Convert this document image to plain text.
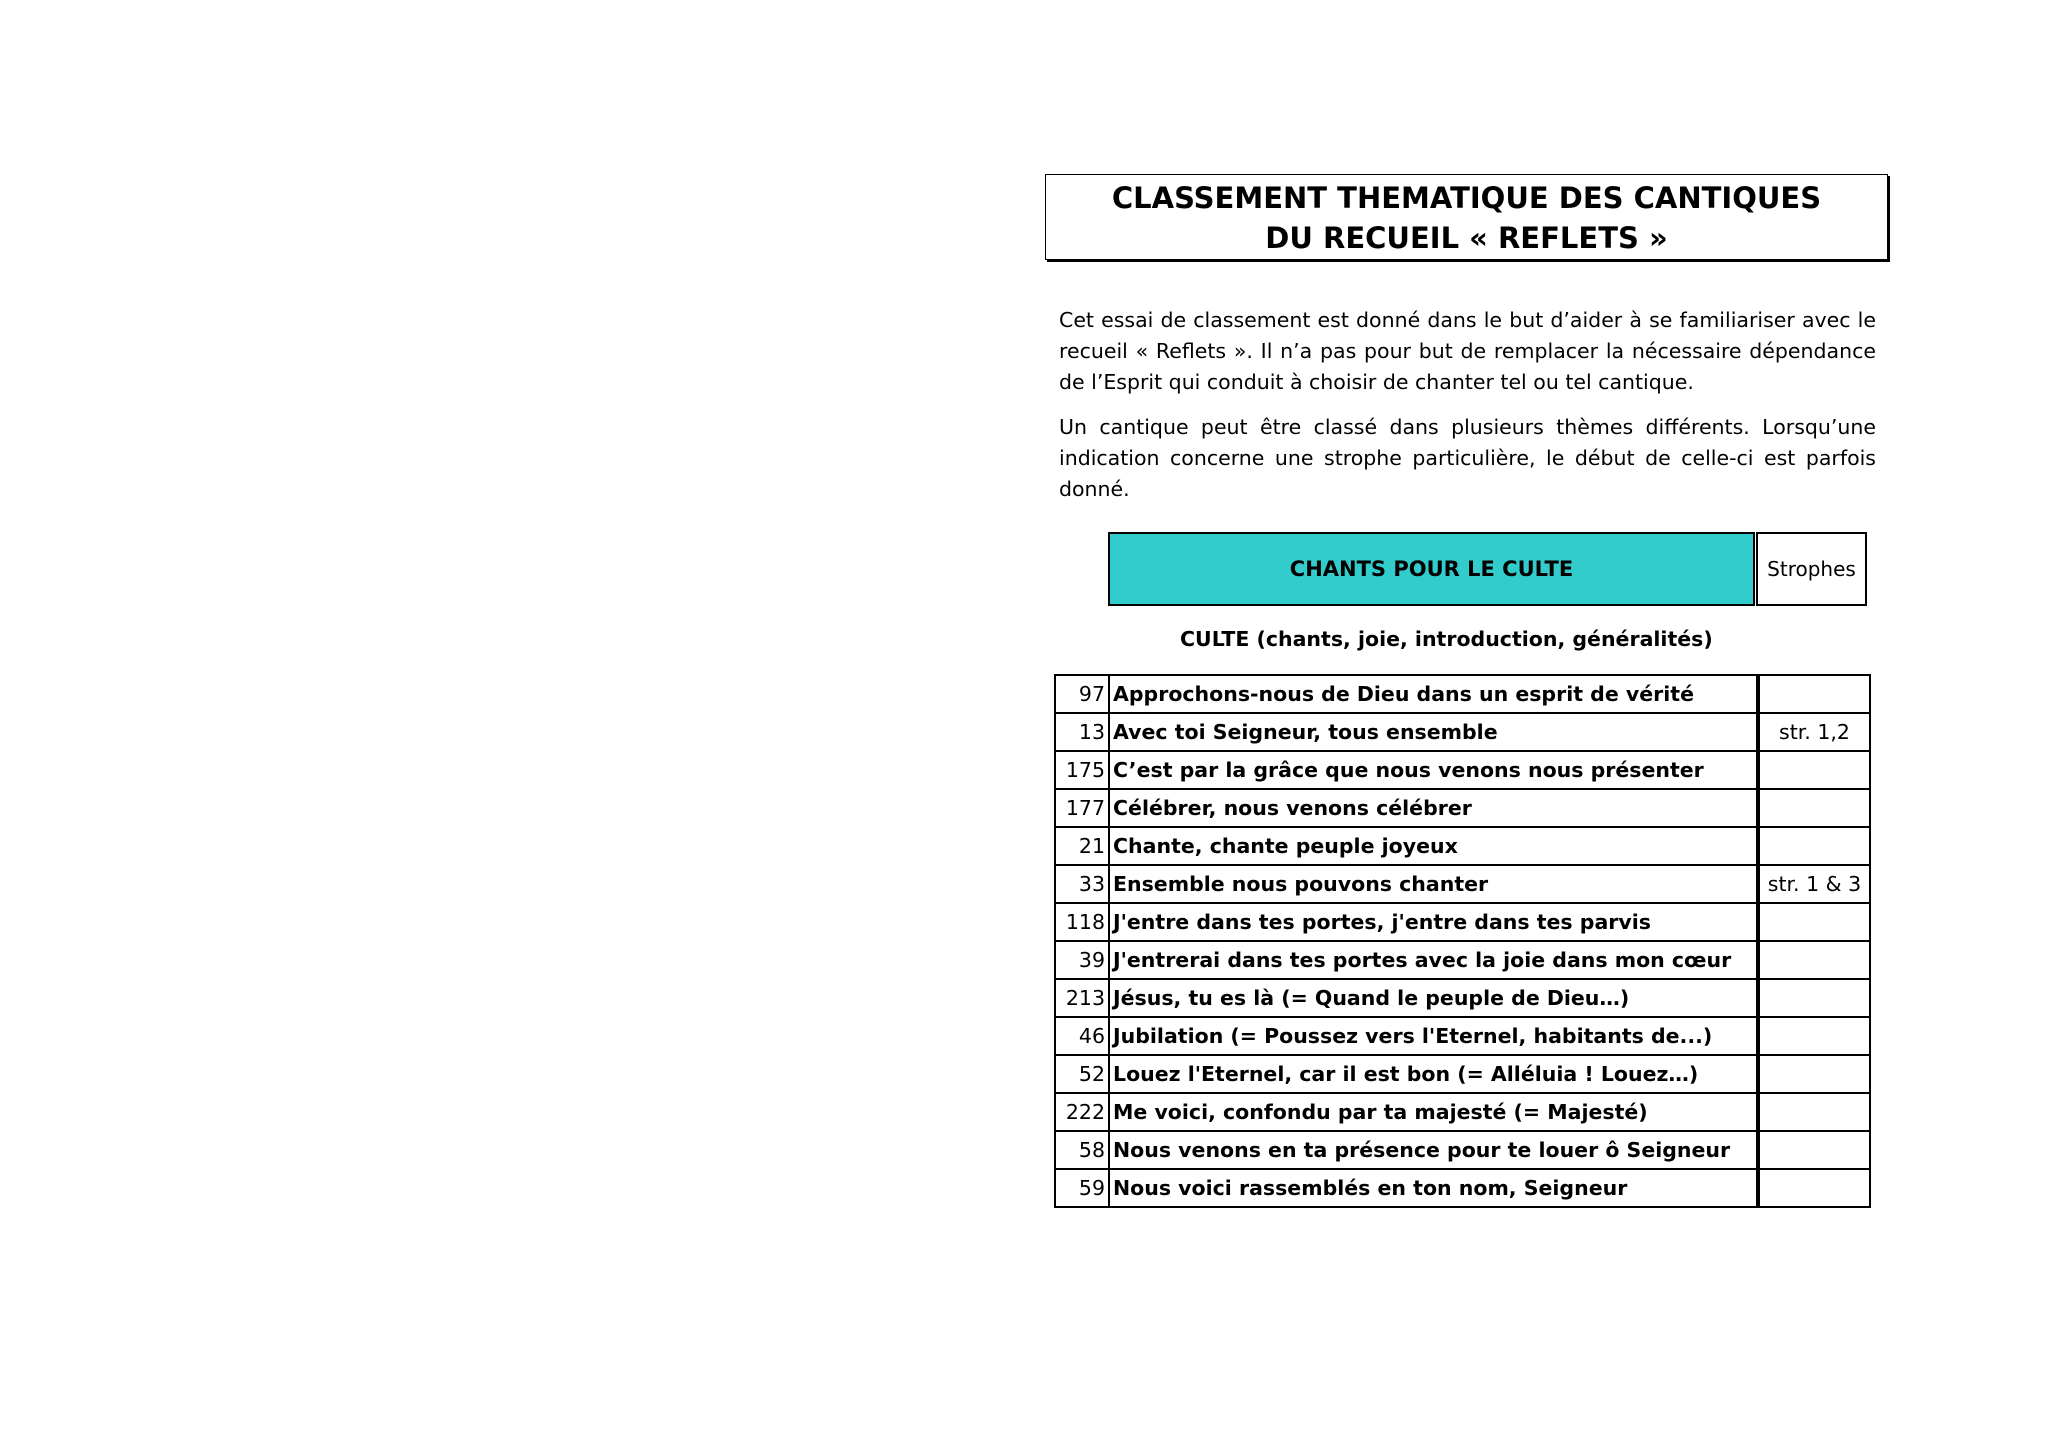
CLASSEMENT THEMATIQUE DES CANTIQUES
DU RECUEIL « REFLETS »

Cet essai de classement est donné dans le but d’aider à se familiariser avec le recueil « Reflets ». Il n’a pas pour but de remplacer la nécessaire dépendance de l’Esprit qui conduit à choisir de chanter tel ou tel cantique.

Un cantique peut être classé dans plusieurs thèmes différents. Lorsqu’une indication concerne une strophe particulière, le début de celle-ci est parfois donné.

CHANTS POUR LE CULTE	Strophes
CULTE (chants, joie, introduction, généralités)
97	Approchons-nous de Dieu dans un esprit de vérité		
13	Avec toi Seigneur, tous ensemble		str. 1,2
175	C’est par la grâce que nous venons nous présenter		
177	Célébrer, nous venons célébrer		
21	Chante, chante peuple joyeux		
33	Ensemble nous pouvons chanter		str. 1 & 3
118	J'entre dans tes portes, j'entre dans tes parvis		
39	J'entrerai dans tes portes avec la joie dans mon cœur		
213	Jésus, tu es là (= Quand le peuple de Dieu…)		
46	Jubilation (= Poussez vers l'Eternel, habitants de...)		
52	Louez l'Eternel, car il est bon (= Alléluia ! Louez…)		
222	Me voici, confondu par ta majesté (= Majesté)		
58	Nous venons en ta présence pour te louer ô Seigneur		
59	Nous voici rassemblés en ton nom, Seigneur		
